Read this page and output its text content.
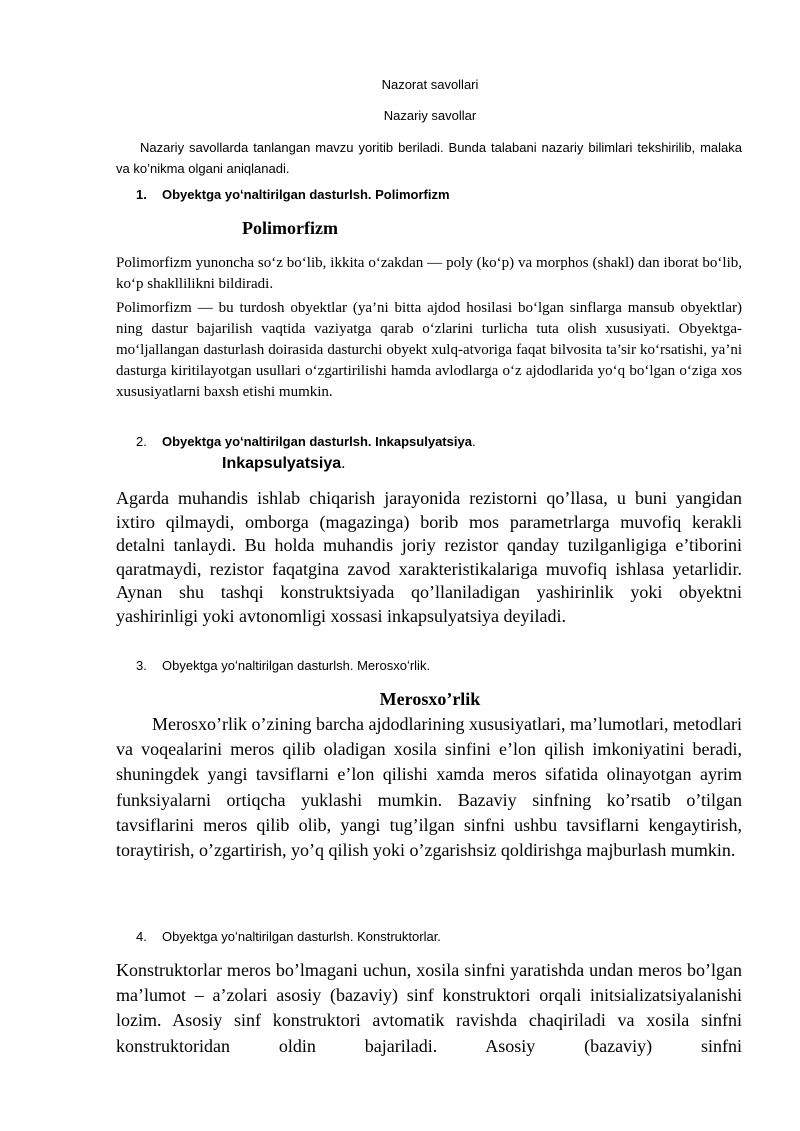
Nazorat savollari
Nazariy savollar
Nazariy savollarda tanlangan mavzu yoritib beriladi. Bunda talabani nazariy bilimlari tekshirilib, malaka va ko’nikma olgani aniqlanadi.
1. Obyektga yoʻnaltirilgan dasturlsh. Polimorfizm
Polimorfizm
Polimorfizm yunoncha soʻz boʻlib, ikkita oʻzakdan — poly (koʻp) va morphos (shakl) dan iborat boʻlib, koʻp shakllilikni bildiradi.
Polimorfizm — bu turdosh obyektlar (ya’ni bitta ajdod hosilasi boʻlgan sinflarga mansub obyektlar) ning dastur bajarilish vaqtida vaziyatga qarab oʻzlarini turlicha tuta olish xususiyati. Obyektga-moʻljallangan dasturlash doirasida dasturchi obyekt xulq-atvoriga faqat bilvosita ta’sir koʻrsatishi, ya’ni dasturga kiritilayotgan usullari oʻzgartirilishi hamda avlodlarga oʻz ajdodlarida yoʻq boʻlgan oʻziga xos xususiyatlarni baxsh etishi mumkin.
2. Obyektga yoʻnaltirilgan dasturlsh. Inkapsulyatsiya.
Inkapsulyatsiya.
Agarda muhandis ishlab chiqarish jarayonida rezistorni qo’llasa, u buni yangidan ixtiro qilmaydi, omborga (magazinga) borib mos parametrlarga muvofiq kerakli detalni tanlaydi. Bu holda muhandis joriy rezistor qanday tuzilganligiga e’tiborini qaratmaydi, rezistor faqatgina zavod xarakteristikalariga muvofiq ishlasa yetarlidir. Aynan shu tashqi konstruktsiyada qo’llaniladigan yashirinlik yoki obyektni yashirinligi yoki avtonomligi xossasi inkapsulyatsiya deyiladi.
3. Obyektga yoʻnaltirilgan dasturlsh. Merosxoʻrlik.
Merosxo’rlik
Merosxo’rlik o’zining barcha ajdodlarining xususiyatlari, ma’lumotlari, metodlari va voqealarini meros qilib oladigan xosila sinfini e’lon qilish imkoniyatini beradi, shuningdek yangi tavsiflarni e’lon qilishi xamda meros sifatida olinayotgan ayrim funksiyalarni ortiqcha yuklashi mumkin. Bazaviy sinfning ko’rsatib o’tilgan tavsiflarini meros qilib olib, yangi tug’ilgan sinfni ushbu tavsiflarni kengaytirish, toraytirish, o’zgartirish, yo’q qilish yoki o’zgarishsiz qoldirishga majburlash mumkin.
4. Obyektga yoʻnaltirilgan dasturlsh. Konstruktorlar.
Konstruktorlar meros bo’lmagani uchun, xosila sinfni yaratishda undan meros bo’lgan ma’lumot – a’zolari asosiy (bazaviy) sinf konstruktori orqali initsializatsiyalanishi lozim. Asosiy sinf konstruktori avtomatik ravishda chaqiriladi va xosila sinfni konstruktoridan oldin bajariladi. Asosiy (bazaviy) sinfni
